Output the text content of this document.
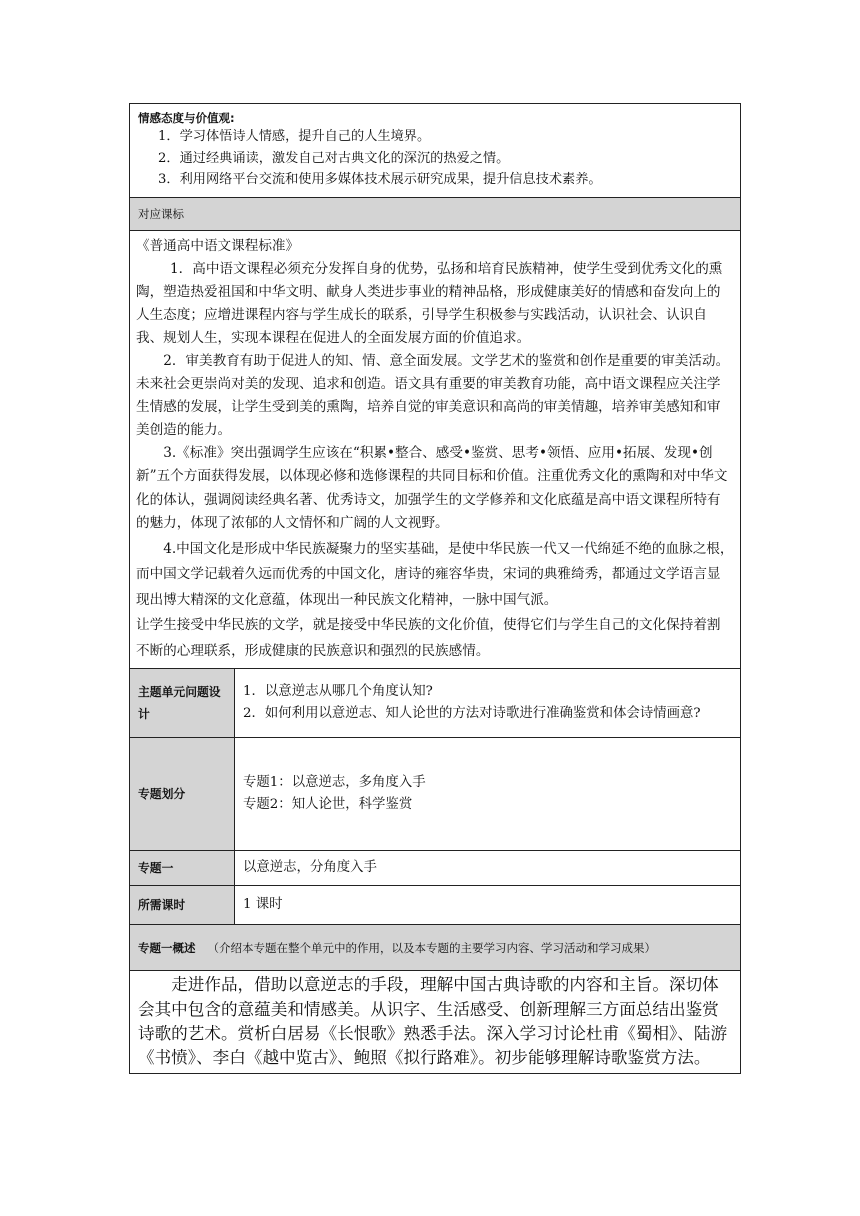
情感态度与价值观:

1．学习体悟诗人情感，提升自己的人生境界。

2．通过经典诵读，激发自己对古典文化的深沉的热爱之情。

3．利用网络平台交流和使用多媒体技术展示研究成果，提升信息技术素养。

对应课标

《普通高中语文课程标准》

1．高中语文课程必须充分发挥自身的优势，弘扬和培育民族精神，使学生受到优秀文化的熏陶，塑造热爱祖国和中华文明、献身人类进步事业的精神品格，形成健康美好的情感和奋发向上的人生态度；应增进课程内容与学生成长的联系，引导学生积极参与实践活动，认识社会、认识自我、规划人生，实现本课程在促进人的全面发展方面的价值追求。

2．审美教育有助于促进人的知、情、意全面发展。文学艺术的鉴赏和创作是重要的审美活动。未来社会更崇尚对美的发现、追求和创造。语文具有重要的审美教育功能，高中语文课程应关注学生情感的发展，让学生受到美的熏陶，培养自觉的审美意识和高尚的审美情趣，培养审美感知和审美创造的能力。

3.《标准》突出强调学生应该在“积累•整合、感受•鉴赏、思考•领悟、应用•拓展、发现•创新”五个方面获得发展，以体现必修和选修课程的共同目标和价值。注重优秀文化的熏陶和对中华文化的体认，强调阅读经典名著、优秀诗文，加强学生的文学修养和文化底蕴是高中语文课程所特有的魅力，体现了浓郁的人文情怀和广阔的人文视野。

4.中国文化是形成中华民族凝聚力的坚实基础，是使中华民族一代又一代绵延不绝的血脉之根，而中国文学记载着久远而优秀的中国文化，唐诗的雍容华贵，宋词的典雅绮秀，都通过文学语言显现出博大精深的文化意蕴，体现出一种民族文化精神，一脉中国气派。

让学生接受中华民族的文学，就是接受中华民族的文化价值，使得它们与学生自己的文化保持着割不断的心理联系，形成健康的民族意识和强烈的民族感情。

主题单元问题设计

1．以意逆志从哪几个角度认知?

2．如何利用以意逆志、知人论世的方法对诗歌进行准确鉴赏和体会诗情画意?

专题划分

专题1：以意逆志，多角度入手

专题2：知人论世，科学鉴赏

专题一	以意逆志，分角度入手
所需课时	1 课时
专题一概述 （介绍本专题在整个单元中的作用，以及本专题的主要学习内容、学习活动和学习成果）
走进作品，借助以意逆志的手段，理解中国古典诗歌的内容和主旨。深切体会其中包含的意蕴美和情感美。从识字、生活感受、创新理解三方面总结出鉴赏诗歌的艺术。赏析白居易《长恨歌》熟悉手法。深入学习讨论杜甫《蜀相》、陆游《书愤》、李白《越中览古》、鲍照《拟行路难》。初步能够理解诗歌鉴赏方法。
